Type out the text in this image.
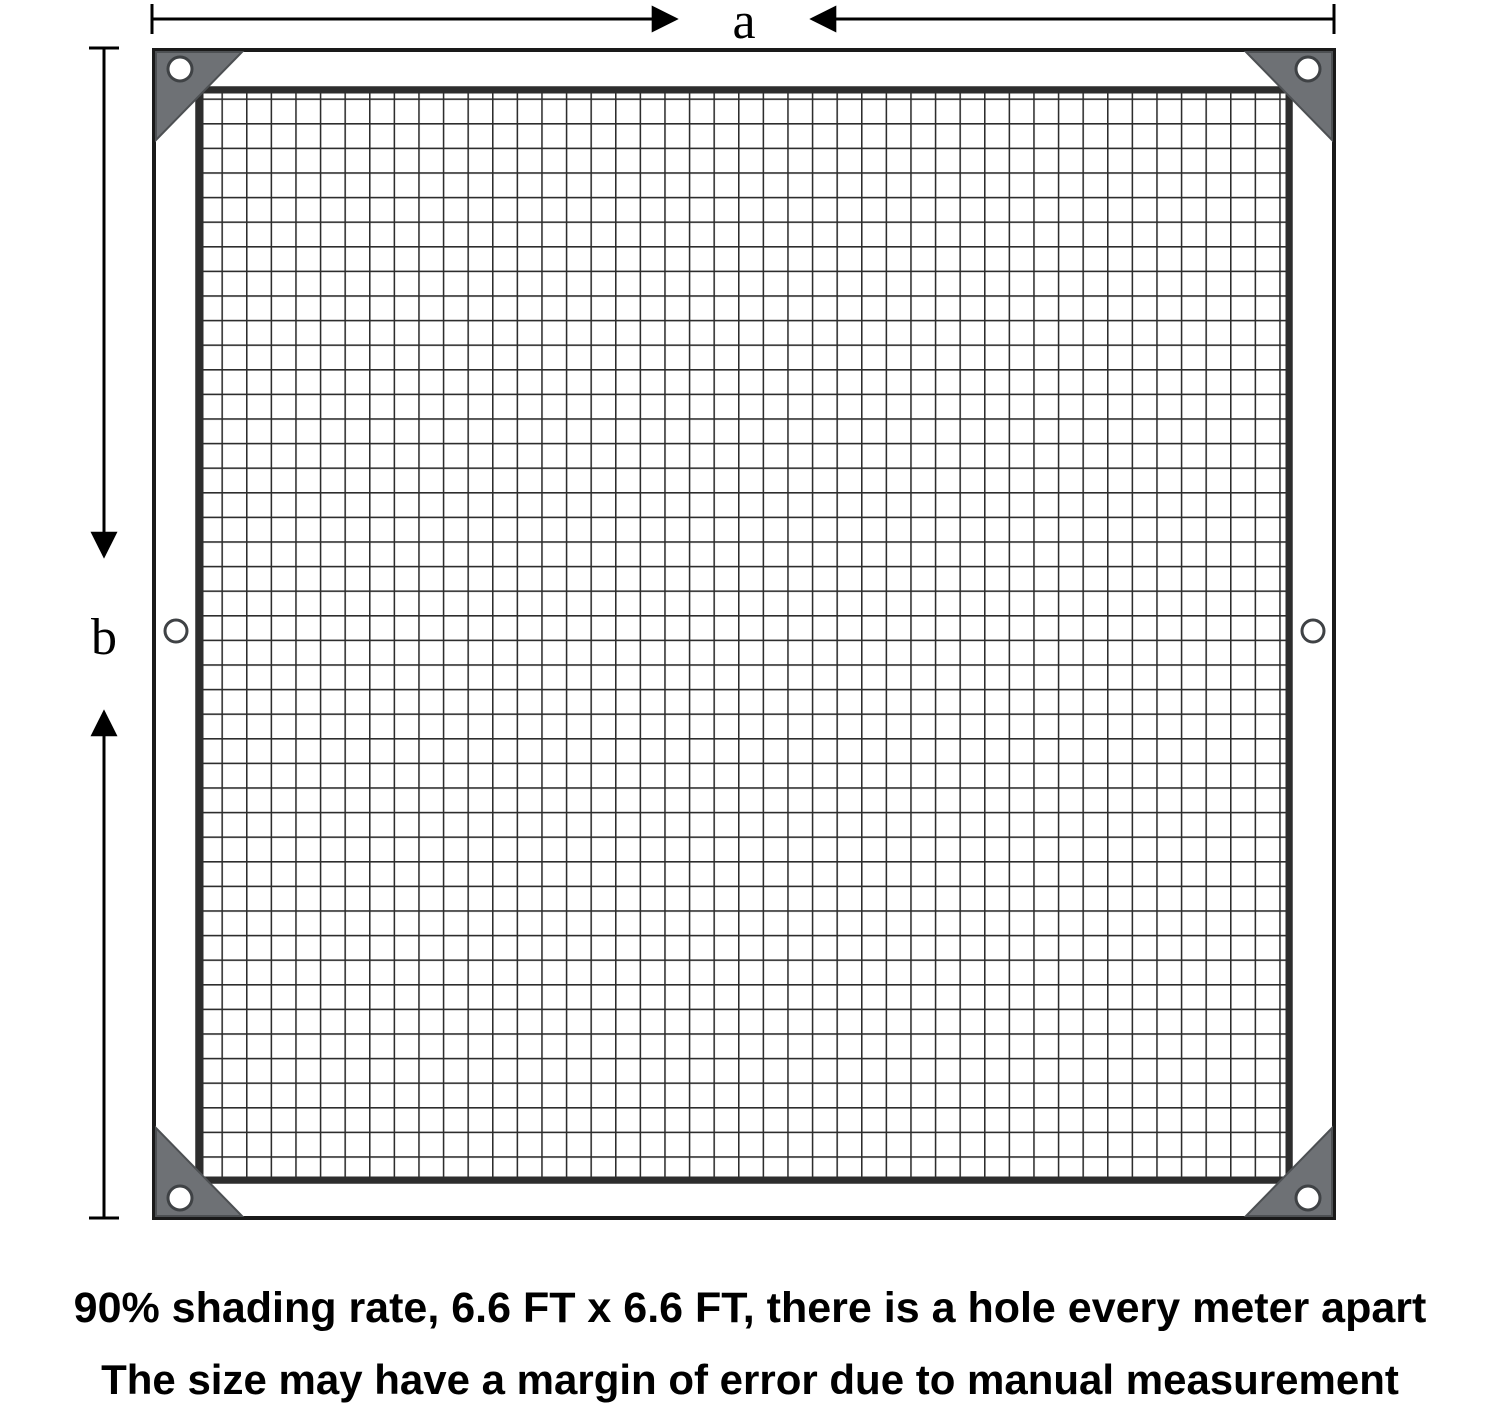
a
b
90% shading rate, 6.6 FT x 6.6 FT, there is a hole every meter apart
The size may have a margin of error due to manual measurement
